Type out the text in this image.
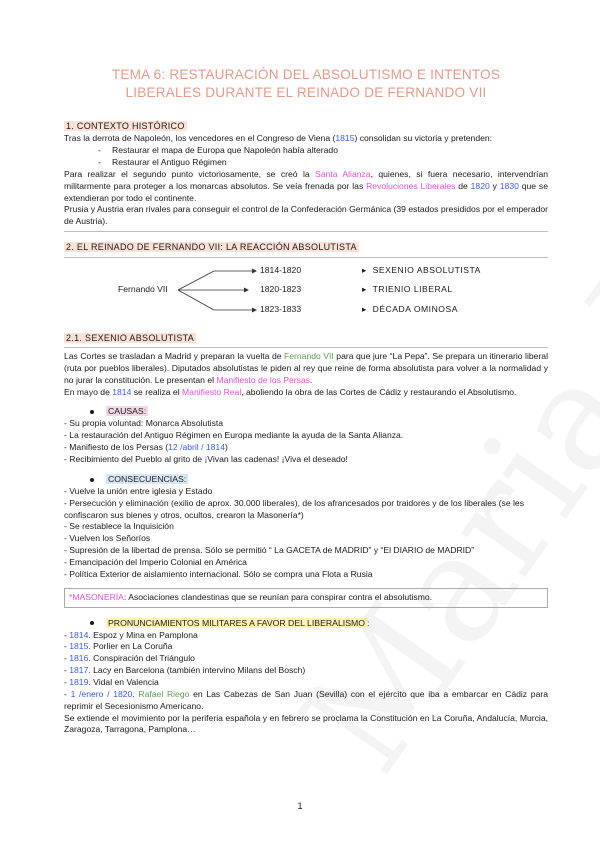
TEMA 6: RESTAURACIÓN DEL ABSOLUTISMO E INTENTOS
LIBERALES DURANTE EL REINADO DE FERNANDO VII
1. CONTEXTO HISTÓRICO
Tras la derrota de Napoleón, los vencedores en el Congreso de Viena (1815) consolidan su victoria y pretenden:
- Restaurar el mapa de Europa que Napoleón había alterado
- Restaurar el Antiguo Régimen
Para realizar el segundo punto victoriosamente, se creó la Santa Alianza, quienes, si fuera necesario, intervendrían militarmente para proteger a los monarcas absolutos. Se veía frenada por las Revoluciones Liberales de 1820 y 1830 que se extendieran por todo el continente.
Prusia y Austria eran rivales para conseguir el control de la Confederación Germánica (39 estados presididos por el emperador de Austria).
2. EL REINADO DE FERNANDO VII: LA REACCIÓN ABSOLUTISTA
Fernando VII
1814-1820
1820-1823
1823-1833
▸ SEXENIO ABSOLUTISTA
▸ TRIENIO LIBERAL
▸ DÉCADA OMINOSA
2.1. SEXENIO ABSOLUTISTA
Las Cortes se trasladan a Madrid y preparan la vuelta de Fernando VII para que jure “La Pepa”. Se prepara un itinerario liberal (ruta por pueblos liberales). Diputados absolutistas le piden al rey que reine de forma absolutista para volver a la normalidad y no jurar la constitución. Le presentan el Manifiesto de los Persas.
En mayo de 1814 se realiza el Manifiesto Real, aboliendo la obra de las Cortes de Cádiz y restaurando el Absolutismo.
CAUSAS:
- Su propia voluntad: Monarca Absolutista
- La restauración del Antiguo Régimen en Europa mediante la ayuda de la Santa Alianza.
- Manifiesto de los Persas (12 /abril / 1814)
- Recibimiento del Pueblo al grito de ¡Vivan las cadenas! ¡Viva el deseado!
CONSECUENCIAS:
- Vuelve la unión entre iglesia y Estado
- Persecución y eliminación (exilio de aprox. 30.000 liberales), de los afrancesados por traidores y de los liberales (se les confiscaron sus bienes y otros, ocultos, crearon la Masonería*)
- Se restablece la Inquisición
- Vuelven los Señoríos
- Supresión de la libertad de prensa. Sólo se permitió “ La GACETA de MADRID” y “El DIARIO de MADRID”
- Emancipación del Imperio Colonial en América
- Política Exterior de aislamiento internacional. Sólo se compra una Flota a Rusia
*MASONERÍA: Asociaciones clandestinas que se reunían para conspirar contra el absolutismo.
PRONUNCIAMIENTOS MILITARES A FAVOR DEL LIBERALISMO :
- 1814. Espoz y Mina en Pamplona
- 1815. Porlier en La Coruña
- 1816. Conspiración del Triángulo
- 1817. Lacy en Barcelona (también intervino Milans del Bosch)
- 1819. Vidal en Valencia
- 1 /enero / 1820. Rafael Riego en Las Cabezas de San Juan (Sevilla) con el ejército que iba a embarcar en Cádiz para reprimir el Secesionismo Americano.
Se extiende el movimiento por la periferia española y en febrero se proclama la Constitución en La Coruña, Andalucía, Murcia, Zaragoza, Tarragona, Pamplona…
1
